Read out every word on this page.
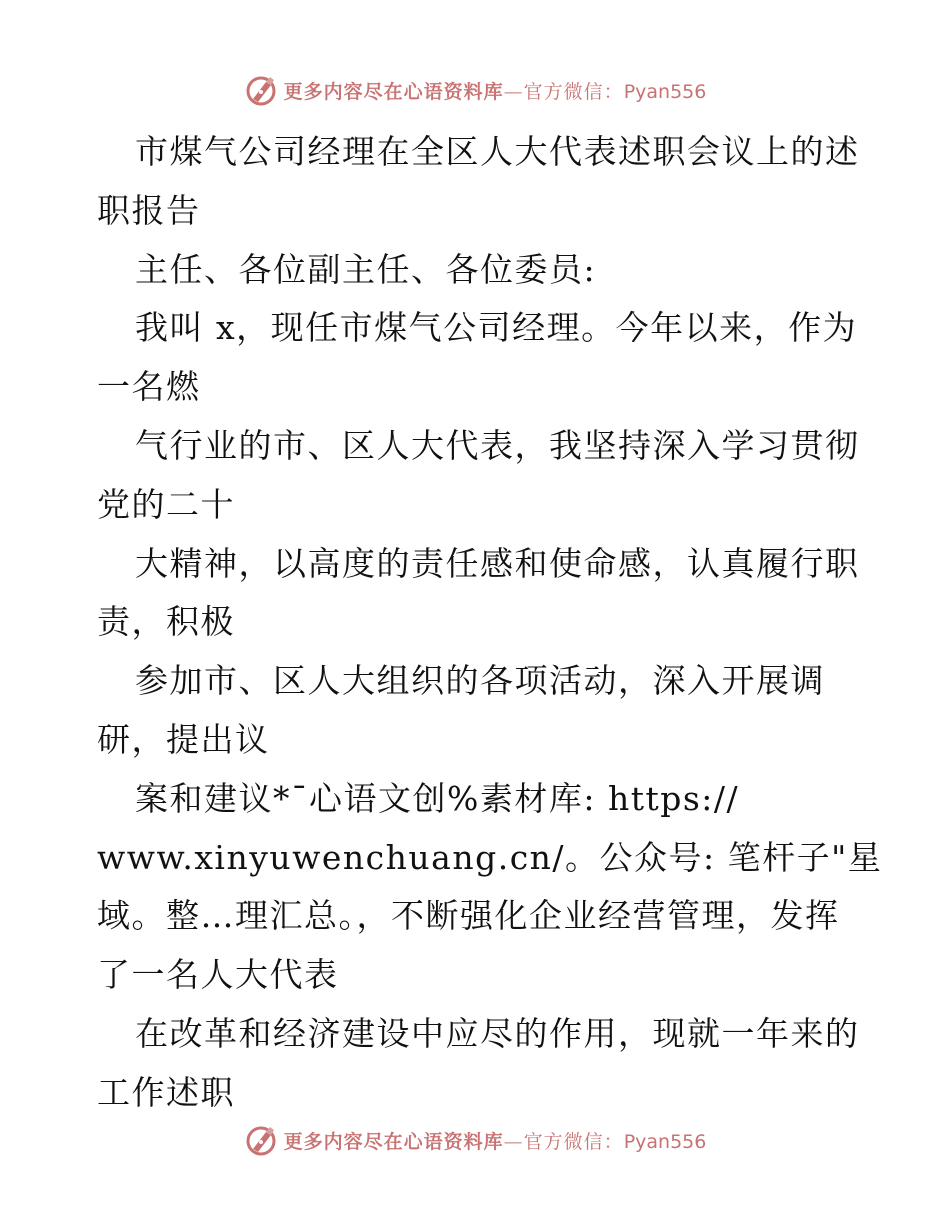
更多内容尽在心语资料库—官方微信：Pyan556
市煤气公司经理在全区人大代表述职会议上的述
职报告
主任、各位副主任、各位委员:
我叫 x，现任市煤气公司经理。今年以来，作为
一名燃
气行业的市、区人大代表，我坚持深入学习贯彻
党的二十
大精神，以高度的责任感和使命感，认真履行职
责，积极
参加市、区人大组织的各项活动，深入开展调
研，提出议
案和建议*¯心语文创%素材库: https://
www.xinyuwenchuang.cn/。公众号: 笔杆子"星
域。整…理汇总。，不断强化企业经营管理，发挥
了一名人大代表
在改革和经济建设中应尽的作用，现就一年来的
工作述职
更多内容尽在心语资料库—官方微信：Pyan556
